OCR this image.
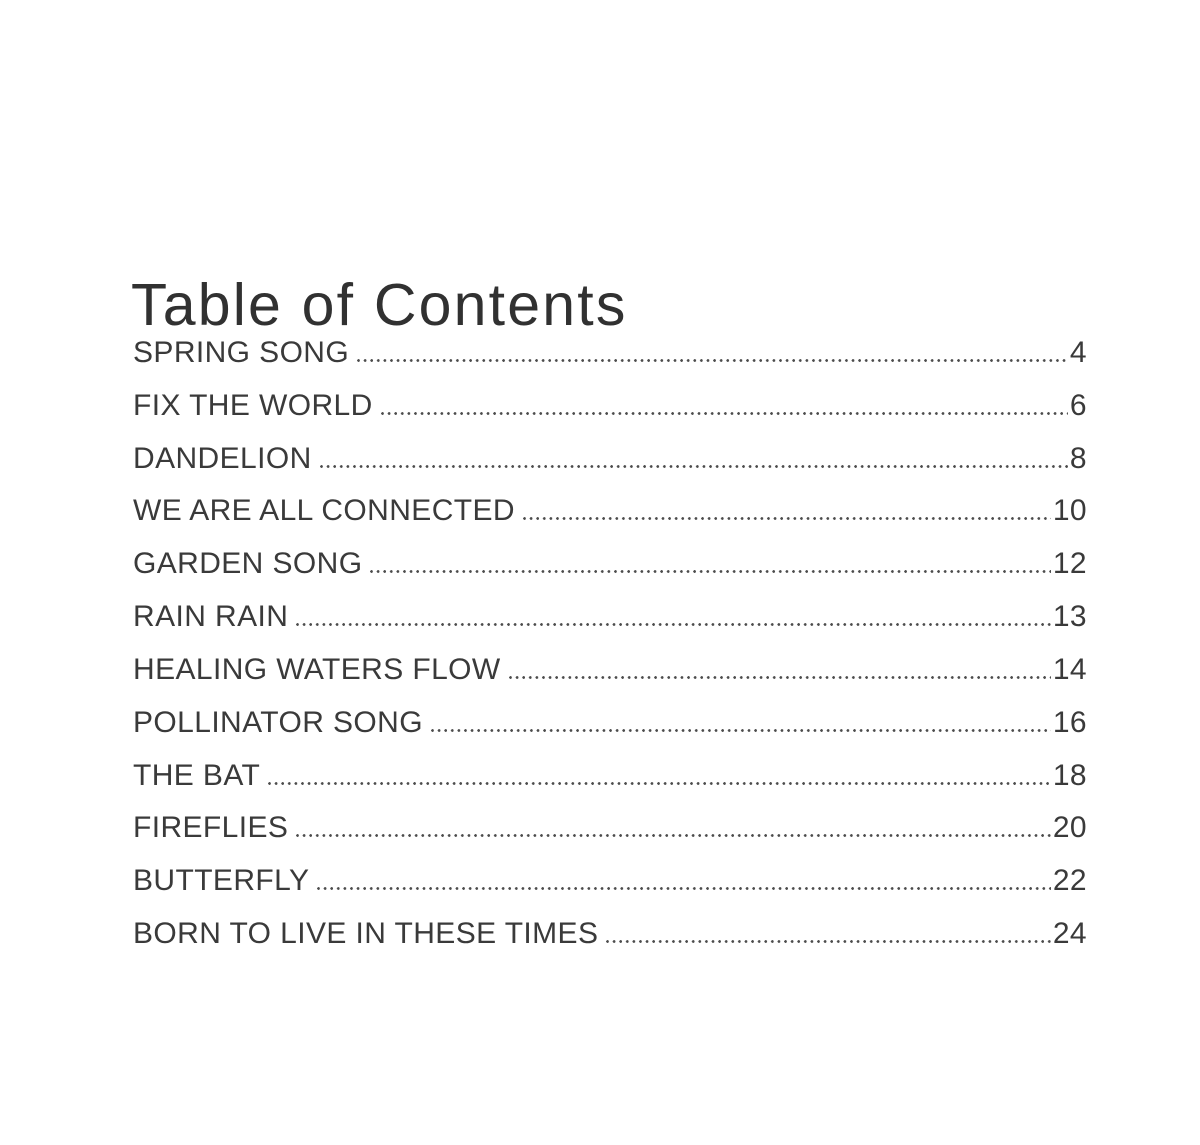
Table of Contents
SPRING SONG	4
FIX THE WORLD	6
DANDELION	8
WE ARE ALL CONNECTED	10
GARDEN SONG	12
RAIN RAIN	13
HEALING WATERS FLOW	14
POLLINATOR SONG	16
THE BAT	18
FIREFLIES	20
BUTTERFLY	22
BORN TO LIVE IN THESE TIMES	24
